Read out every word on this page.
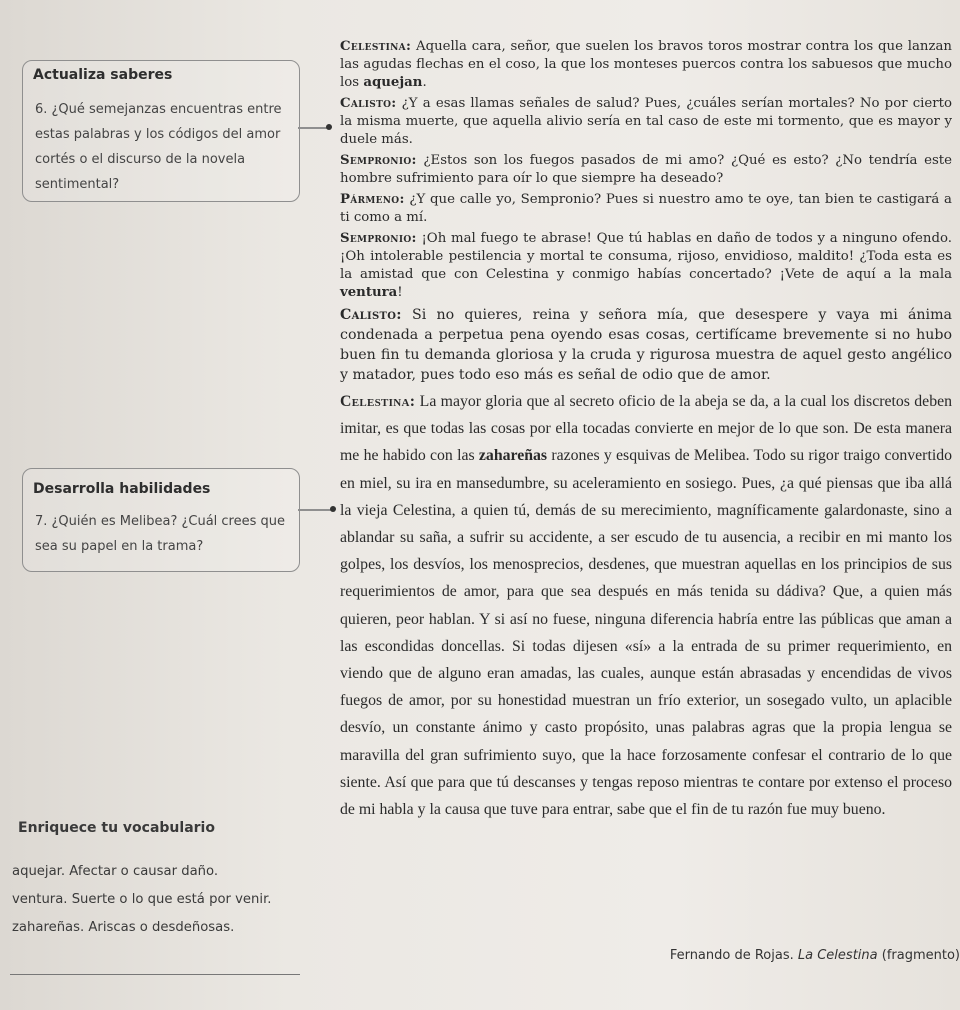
Actualiza saberes
6. ¿Qué semejanzas encuentras entre estas palabras y los códigos del amor cortés o el discurso de la novela sentimental?
Desarrolla habilidades
7. ¿Quién es Melibea? ¿Cuál crees que sea su papel en la trama?

Celestina: Aquella cara, señor, que suelen los bravos toros mostrar contra los que lanzan las agudas flechas en el coso, la que los monteses puercos contra los sabuesos que mucho los aquejan.

Calisto: ¿Y a esas llamas señales de salud? Pues, ¿cuáles serían mortales? No por cierto la misma muerte, que aquella alivio sería en tal caso de este mi tormento, que es mayor y duele más.

Sempronio: ¿Estos son los fuegos pasados de mi amo? ¿Qué es esto? ¿No tendría este hombre sufrimiento para oír lo que siempre ha deseado?

Pármeno: ¿Y que calle yo, Sempronio? Pues si nuestro amo te oye, tan bien te castigará a ti como a mí.

Sempronio: ¡Oh mal fuego te abrase! Que tú hablas en daño de todos y a ninguno ofendo. ¡Oh intolerable pestilencia y mortal te consuma, rijoso, envidioso, maldito! ¿Toda esta es la amistad que con Celestina y conmigo habías concertado? ¡Vete de aquí a la mala ventura!

Calisto: Si no quieres, reina y señora mía, que desespere y vaya mi ánima condenada a perpetua pena oyendo esas cosas, certifícame brevemente si no hubo buen fin tu demanda gloriosa y la cruda y rigurosa muestra de aquel gesto angélico y matador, pues todo eso más es señal de odio que de amor.

Celestina: La mayor gloria que al secreto oficio de la abeja se da, a la cual los discretos deben imitar, es que todas las cosas por ella tocadas convierte en mejor de lo que son. De esta manera me he habido con las zahareñas razones y esquivas de Melibea. Todo su rigor traigo convertido en miel, su ira en mansedumbre, su aceleramiento en sosiego. Pues, ¿a qué piensas que iba allá la vieja Celestina, a quien tú, demás de su merecimiento, magníficamente galardonaste, sino a ablandar su saña, a sufrir su accidente, a ser escudo de tu ausencia, a recibir en mi manto los golpes, los desvíos, los menosprecios, desdenes, que muestran aquellas en los principios de sus requerimientos de amor, para que sea después en más tenida su dádiva? Que, a quien más quieren, peor hablan. Y si así no fuese, ninguna diferencia habría entre las públicas que aman a las escondidas doncellas. Si todas dijesen «sí» a la entrada de su primer requerimiento, en viendo que de alguno eran amadas, las cuales, aunque están abrasadas y encendidas de vivos fuegos de amor, por su honestidad muestran un frío exterior, un sosegado vulto, un aplacible desvío, un constante ánimo y casto propósito, unas palabras agras que la propia lengua se maravilla del gran sufrimiento suyo, que la hace forzosamente confesar el contrario de lo que siente. Así que para que tú descanses y tengas reposo mientras te contare por extenso el proceso de mi habla y la causa que tuve para entrar, sabe que el fin de tu razón fue muy bueno.

Enriquece tu vocabulario
aquejar. Afectar o causar daño.
ventura. Suerte o lo que está por venir.
zahareñas. Ariscas o desdeñosas.
Fernando de Rojas. La Celestina (fragmento)
